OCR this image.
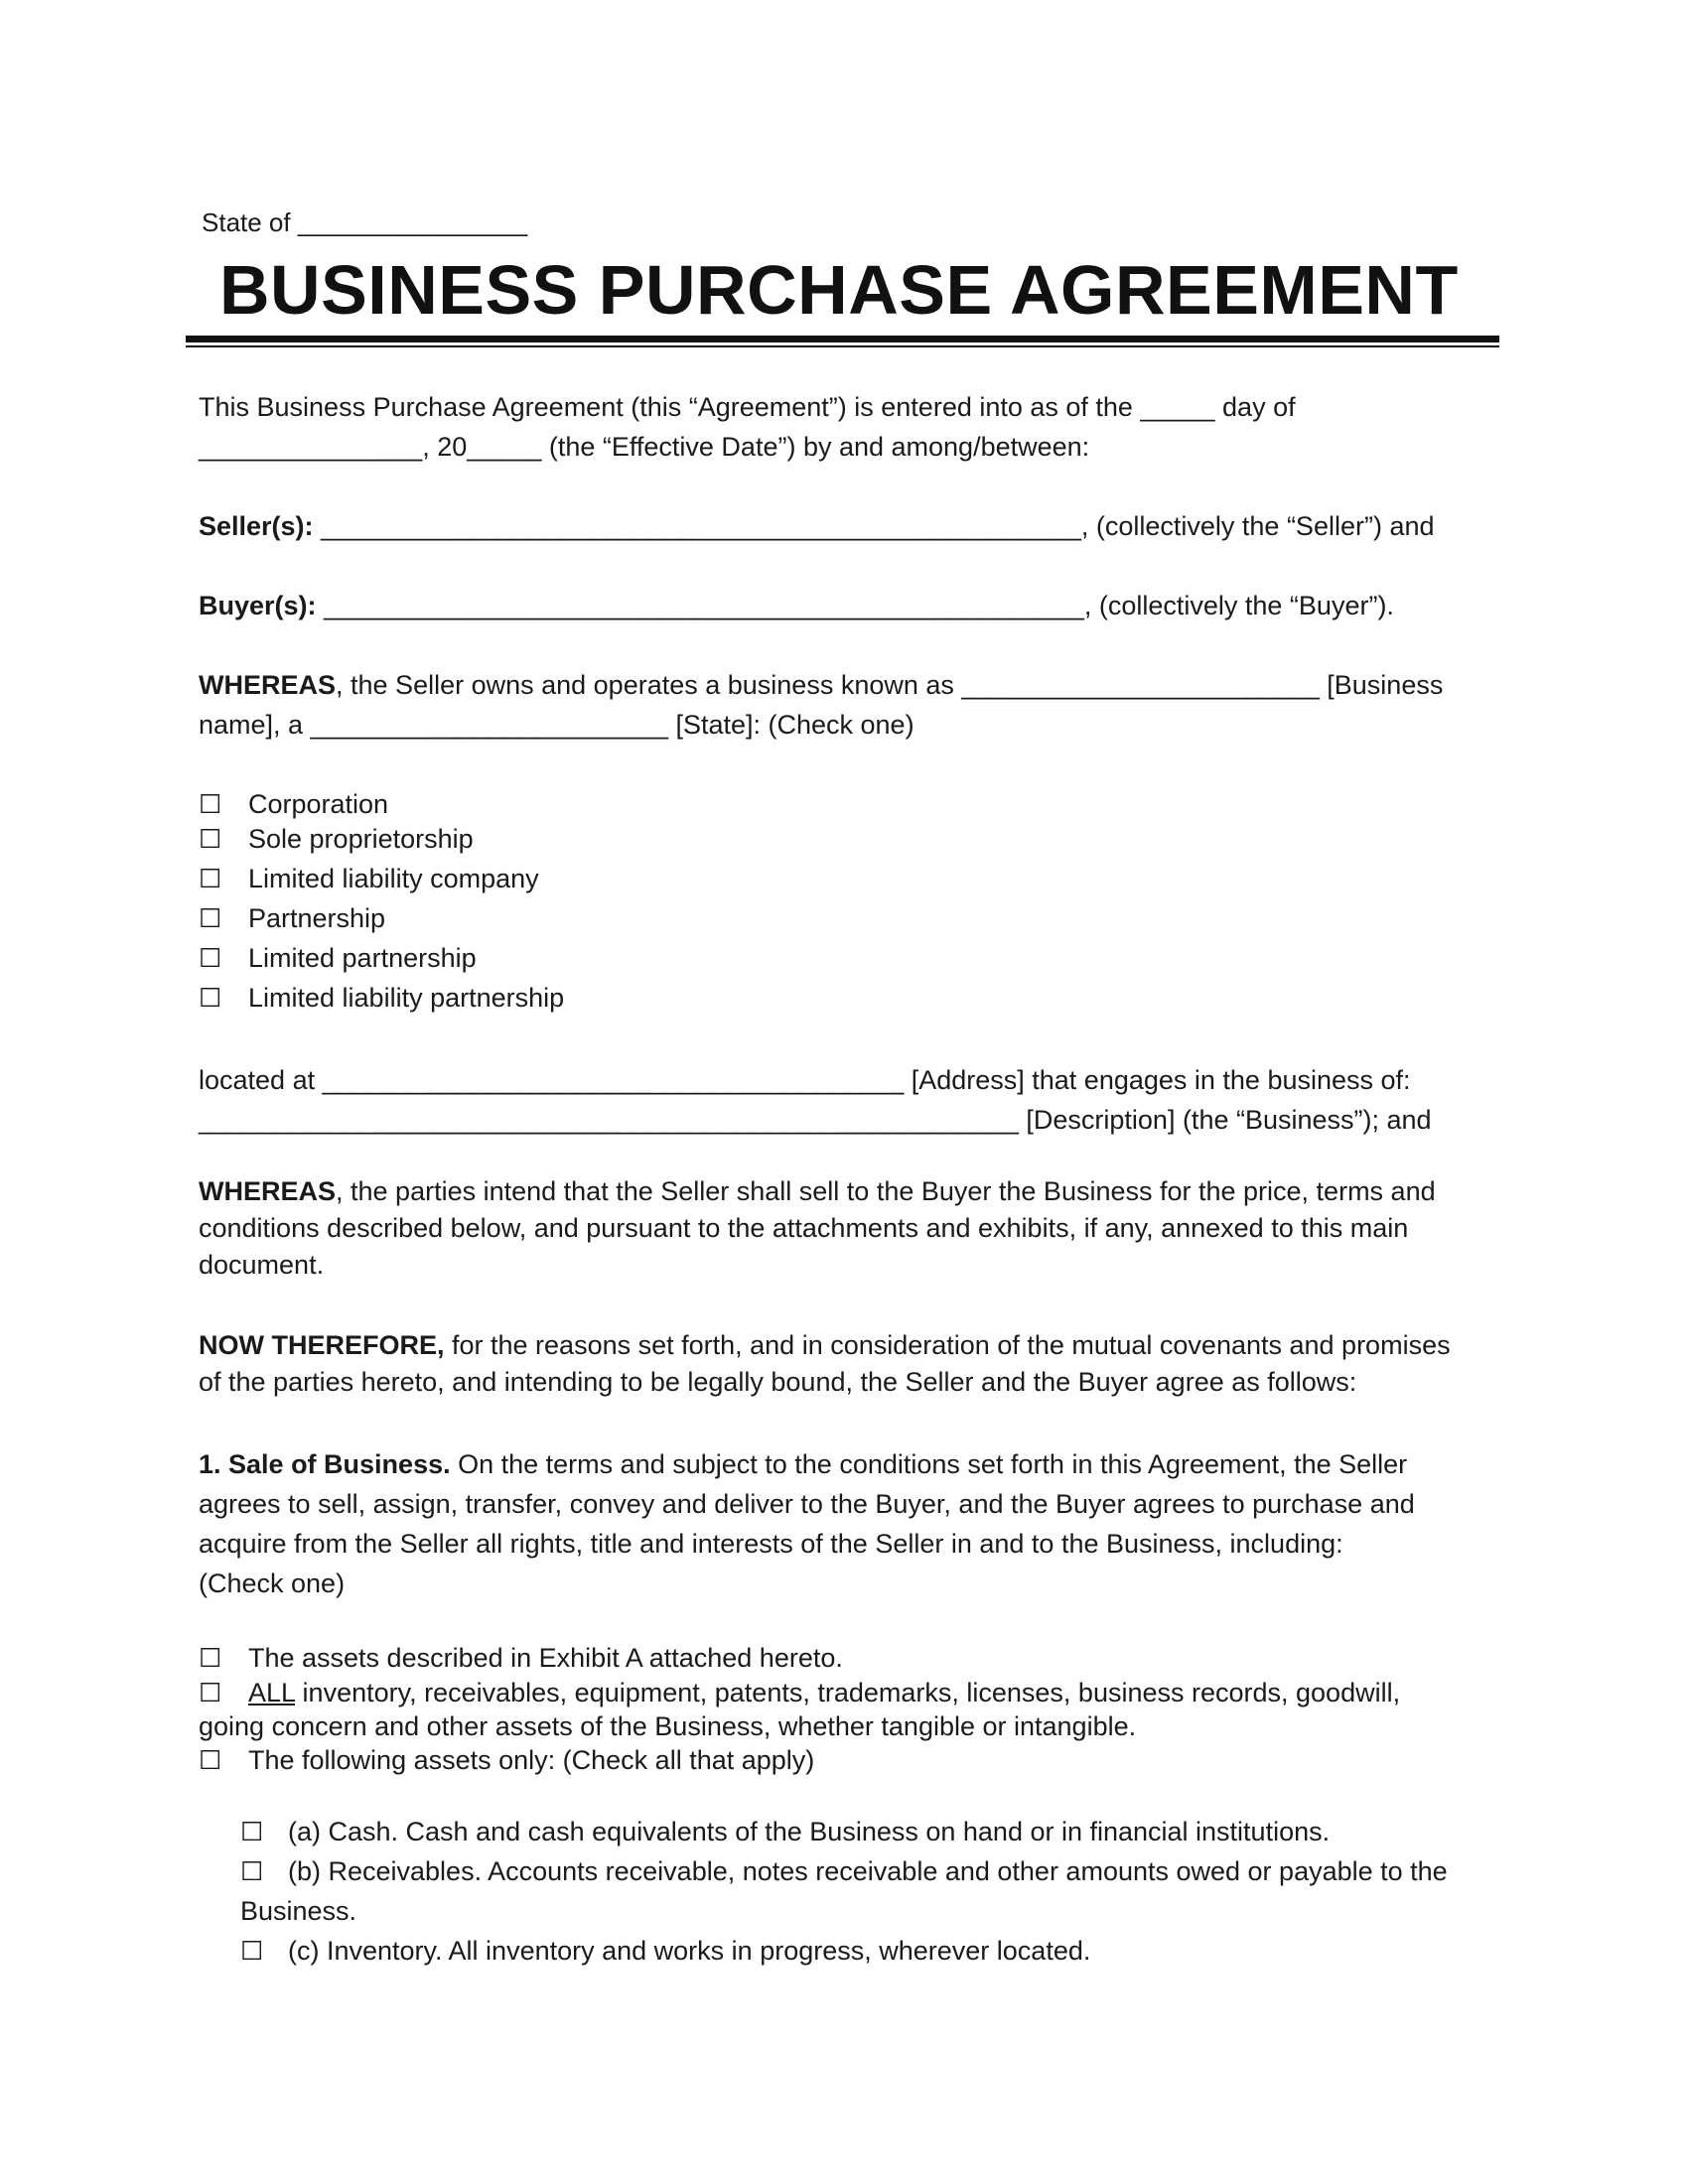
State of ________________

BUSINESS PURCHASE AGREEMENT

This Business Purchase Agreement (this “Agreement”) is entered into as of the _____ day of

_______________, 20_____ (the “Effective Date”) by and among/between:

Seller(s): ___________________________________________________, (collectively the “Seller”) and

Buyer(s): ___________________________________________________, (collectively the “Buyer”).

WHEREAS, the Seller owns and operates a business known as ________________________ [Business

name], a ________________________ [State]: (Check one)

☐ Corporation
☐ Sole proprietorship
☐ Limited liability company
☐ Partnership
☐ Limited partnership
☐ Limited liability partnership

located at _______________________________________ [Address] that engages in the business of:

_______________________________________________________ [Description] (the “Business”); and

WHEREAS, the parties intend that the Seller shall sell to the Buyer the Business for the price, terms and

conditions described below, and pursuant to the attachments and exhibits, if any, annexed to this main

document.

NOW THEREFORE, for the reasons set forth, and in consideration of the mutual covenants and promises

of the parties hereto, and intending to be legally bound, the Seller and the Buyer agree as follows:

1. Sale of Business. On the terms and subject to the conditions set forth in this Agreement, the Seller

agrees to sell, assign, transfer, convey and deliver to the Buyer, and the Buyer agrees to purchase and

acquire from the Seller all rights, title and interests of the Seller in and to the Business, including:

(Check one)

☐ The assets described in Exhibit A attached hereto.
☐ ALL inventory, receivables, equipment, patents, trademarks, licenses, business records, goodwill,

going concern and other assets of the Business, whether tangible or intangible.

☐ The following assets only: (Check all that apply)
☐ (a) Cash. Cash and cash equivalents of the Business on hand or in financial institutions.
☐ (b) Receivables. Accounts receivable, notes receivable and other amounts owed or payable to the

Business.

☐ (c) Inventory. All inventory and works in progress, wherever located.
